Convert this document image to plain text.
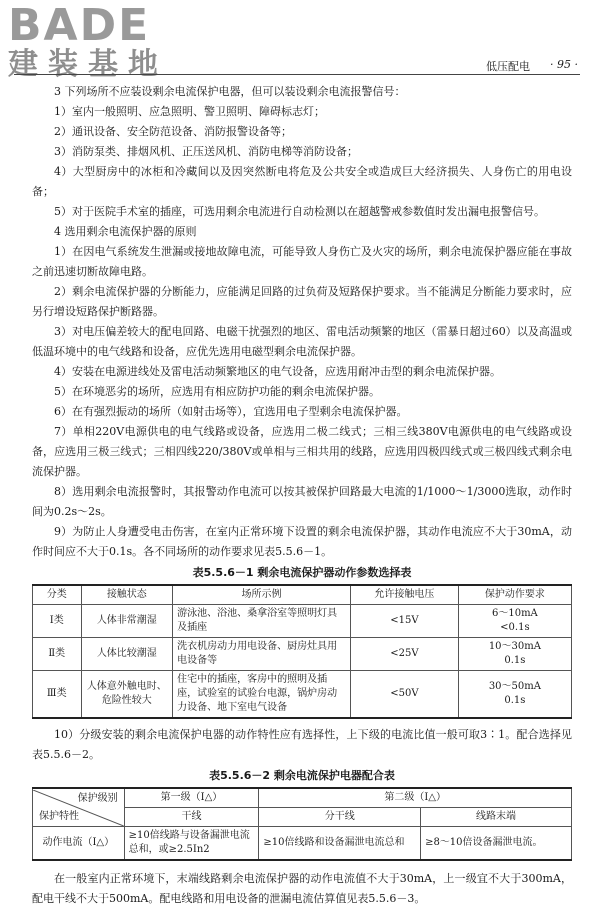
BADE
建装基地	低压配电 · 95 ·

3 下列场所不应装设剩余电流保护电器，但可以装设剩余电流报警信号：

1）室内一般照明、应急照明、警卫照明、障碍标志灯；

2）通讯设备、安全防范设备、消防报警设备等；

3）消防泵类、排烟风机、正压送风机、消防电梯等消防设备；

4）大型厨房中的冰柜和冷藏间以及因突然断电将危及公共安全或造成巨大经济损失、人身伤亡的用电设备；

5）对于医院手术室的插座，可选用剩余电流进行自动检测以在超越警戒参数值时发出漏电报警信号。

4 选用剩余电流保护器的原则

1）在因电气系统发生泄漏或接地故障电流，可能导致人身伤亡及火灾的场所，剩余电流保护器应能在事故之前迅速切断故障电路。

2）剩余电流保护器的分断能力，应能满足回路的过负荷及短路保护要求。当不能满足分断能力要求时，应另行增设短路保护断路器。

3）对电压偏差较大的配电回路、电磁干扰强烈的地区、雷电活动频繁的地区（雷暴日超过60）以及高温或低温环境中的电气线路和设备，应优先选用电磁型剩余电流保护器。

4）安装在电源进线处及雷电活动频繁地区的电气设备，应选用耐冲击型的剩余电流保护器。

5）在环境恶劣的场所，应选用有相应防护功能的剩余电流保护器。

6）在有强烈振动的场所（如射击场等），宜选用电子型剩余电流保护器。

7）单相220V电源供电的电气线路或设备，应选用二极二线式；三相三线380V电源供电的电气线路或设备，应选用三极三线式；三相四线220/380V或单相与三相共用的线路，应选用四极四线式或三极四线式剩余电流保护器。

8）选用剩余电流报警时，其报警动作电流可以按其被保护回路最大电流的1/1000～1/3000选取，动作时间为0.2s～2s。

9）为防止人身遭受电击伤害，在室内正常环境下设置的剩余电流保护器，其动作电流应不大于30mA，动作时间应不大于0.1s。各不同场所的动作要求见表5.5.6－1。

表5.5.6－1 剩余电流保护器动作参数选择表
分类	接触状态	场所示例	允许接触电压	保护动作要求
Ⅰ类	人体非常潮湿	游泳池、浴池、桑拿浴室等照明灯具及插座	<15V	6～10mA
<0.1s

Ⅱ类	人体比较潮湿	洗衣机房动力用电设备、厨房灶具用电设备等	<25V	10～30mA
0.1s

Ⅲ类	人体意外触电时、危险性较大	住宅中的插座，客房中的照明及插座，试验室的试验台电源，锅炉房动力设备、地下室电气设备	<50V	30～50mA
0.1s

10）分级安装的剩余电流保护电器的动作特性应有选择性，上下级的电流比值一般可取3∶1。配合选择见表5.5.6－2。

表5.5.6－2 剩余电流保护电器配合表
保护级别
保护特性	第一级（I△）	第二级（I△）	
	干线	分干线	线路末端
动作电流（I△）	≥10倍线路与设备漏泄电流总和，或≥2.5In2	≥10倍线路和设备漏泄电流总和	≥8～10倍设备漏泄电流。

在一般室内正常环境下，末端线路剩余电流保护器的动作电流值不大于30mA，上一级宜不大于300mA，配电干线不大于500mA。配电线路和用电设备的泄漏电流估算值见表5.5.6－3。
